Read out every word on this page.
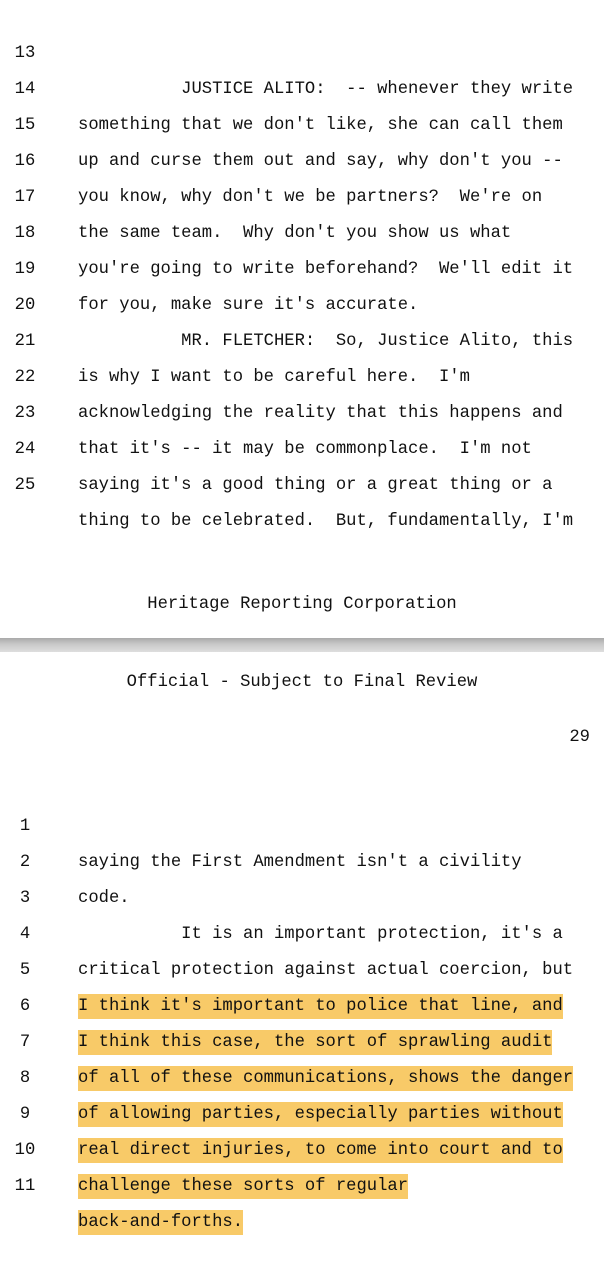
13

JUSTICE ALITO:  -- whenever they write

14

something that we don't like, she can call them

15

up and curse them out and say, why don't you --

16

you know, why don't we be partners?  We're on

17

the same team.  Why don't you show us what

18

you're going to write beforehand?  We'll edit it

19

for you, make sure it's accurate.

20

MR. FLETCHER:  So, Justice Alito, this

21

is why I want to be careful here.  I'm

22

acknowledging the reality that this happens and

23

that it's -- it may be commonplace.  I'm not

24

saying it's a good thing or a great thing or a

25

thing to be celebrated.  But, fundamentally, I'm

Heritage Reporting Corporation
Official - Subject to Final Review
29

1

saying the First Amendment isn't a civility

2

code.

3

It is an important protection, it's a

4

critical protection against actual coercion, but

5

I think it's important to police that line, and

6

I think this case, the sort of sprawling audit

7

of all of these communications, shows the danger

8

of allowing parties, especially parties without

9

real direct injuries, to come into court and to

10

challenge these sorts of regular

11

back-and-forths.
